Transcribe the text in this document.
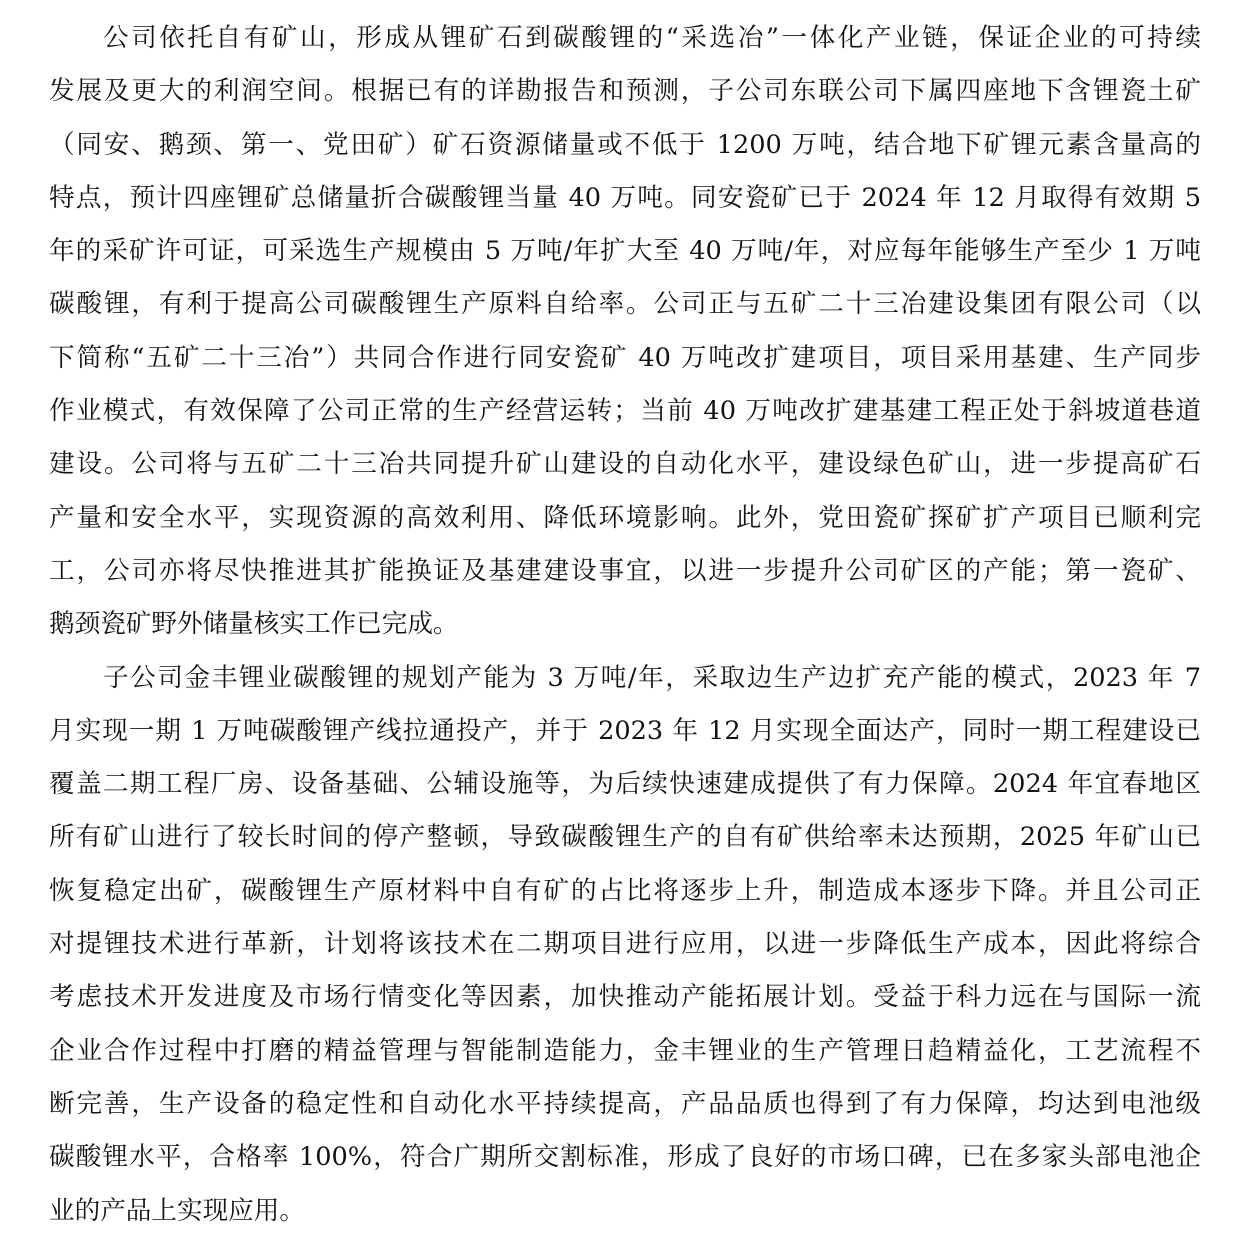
公司依托自有矿山，形成从锂矿石到碳酸锂的“采选冶”一体化产业链，保证企业的可持续
发展及更大的利润空间。根据已有的详勘报告和预测，子公司东联公司下属四座地下含锂瓷土矿
（同安、鹅颈、第一、党田矿）矿石资源储量或不低于 1200 万吨，结合地下矿锂元素含量高的
特点，预计四座锂矿总储量折合碳酸锂当量 40 万吨。同安瓷矿已于 2024 年 12 月取得有效期 5
年的采矿许可证，可采选生产规模由 5 万吨/年扩大至 40 万吨/年，对应每年能够生产至少 1 万吨
碳酸锂，有利于提高公司碳酸锂生产原料自给率。公司正与五矿二十三冶建设集团有限公司（以
下简称“五矿二十三冶”）共同合作进行同安瓷矿 40 万吨改扩建项目，项目采用基建、生产同步
作业模式，有效保障了公司正常的生产经营运转；当前 40 万吨改扩建基建工程正处于斜坡道巷道
建设。公司将与五矿二十三冶共同提升矿山建设的自动化水平，建设绿色矿山，进一步提高矿石
产量和安全水平，实现资源的高效利用、降低环境影响。此外，党田瓷矿探矿扩产项目已顺利完
工，公司亦将尽快推进其扩能换证及基建建设事宜，以进一步提升公司矿区的产能；第一瓷矿、
鹅颈瓷矿野外储量核实工作已完成。
子公司金丰锂业碳酸锂的规划产能为 3 万吨/年，采取边生产边扩充产能的模式，2023 年 7
月实现一期 1 万吨碳酸锂产线拉通投产，并于 2023 年 12 月实现全面达产，同时一期工程建设已
覆盖二期工程厂房、设备基础、公辅设施等，为后续快速建成提供了有力保障。2024 年宜春地区
所有矿山进行了较长时间的停产整顿，导致碳酸锂生产的自有矿供给率未达预期，2025 年矿山已
恢复稳定出矿，碳酸锂生产原材料中自有矿的占比将逐步上升，制造成本逐步下降。并且公司正
对提锂技术进行革新，计划将该技术在二期项目进行应用，以进一步降低生产成本，因此将综合
考虑技术开发进度及市场行情变化等因素，加快推动产能拓展计划。受益于科力远在与国际一流
企业合作过程中打磨的精益管理与智能制造能力，金丰锂业的生产管理日趋精益化，工艺流程不
断完善，生产设备的稳定性和自动化水平持续提高，产品品质也得到了有力保障，均达到电池级
碳酸锂水平，合格率 100%，符合广期所交割标准，形成了良好的市场口碑，已在多家头部电池企
业的产品上实现应用。
